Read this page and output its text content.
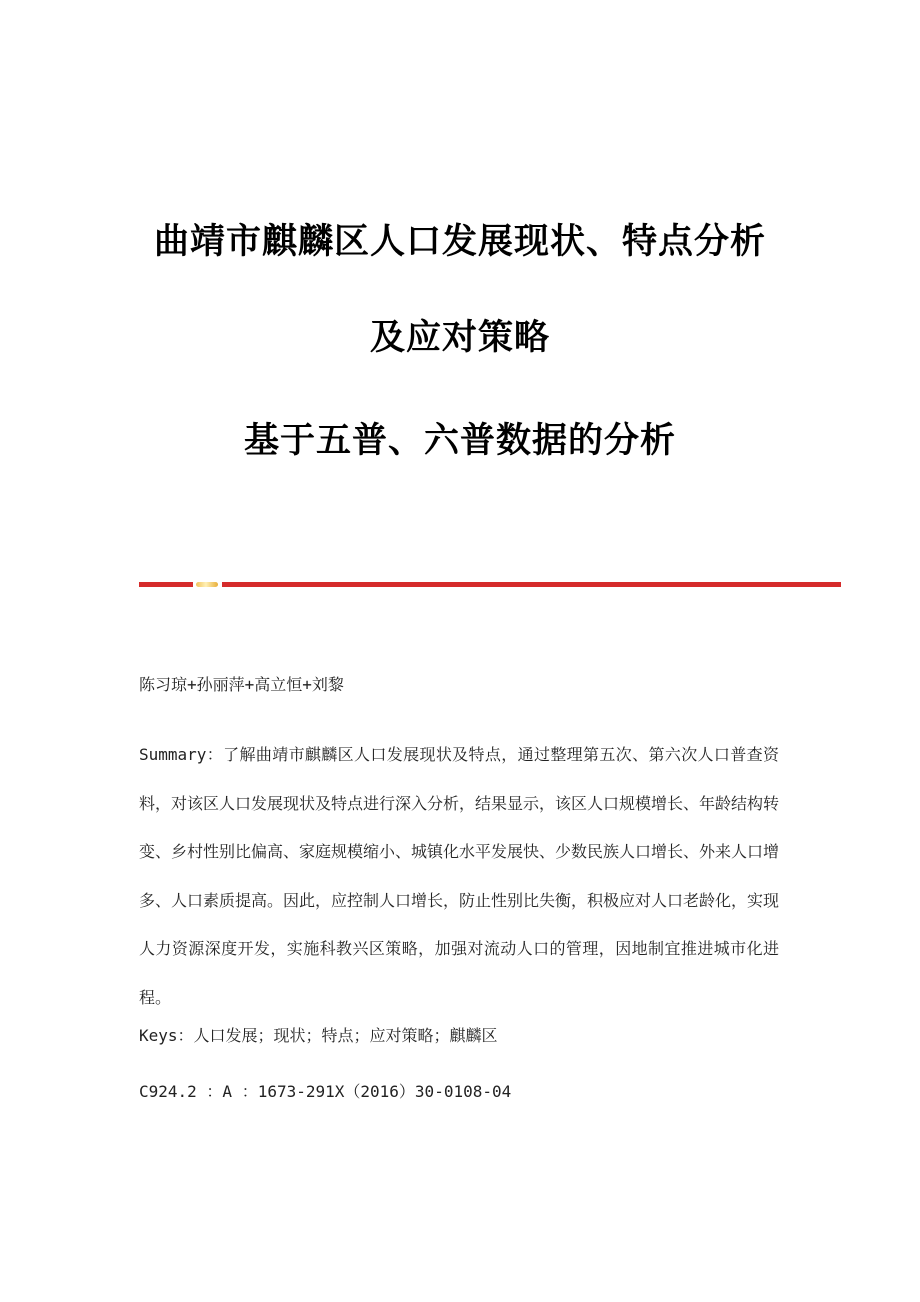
曲靖市麒麟区人口发展现状、特点分析
及应对策略
基于五普、六普数据的分析
陈习琼+孙丽萍+高立恒+刘黎
Summary：了解曲靖市麒麟区人口发展现状及特点，通过整理第五次、第六次人口普查资料，对该区人口发展现状及特点进行深入分析，结果显示，该区人口规模增长、年龄结构转变、乡村性别比偏高、家庭规模缩小、城镇化水平发展快、少数民族人口增长、外来人口增多、人口素质提高。因此，应控制人口增长，防止性别比失衡，积极应对人口老龄化，实现人力资源深度开发，实施科教兴区策略，加强对流动人口的管理，因地制宜推进城市化进程。
Keys：人口发展；现状；特点；应对策略；麒麟区
C924.2 ：A ：1673-291X（2016）30-0108-04
